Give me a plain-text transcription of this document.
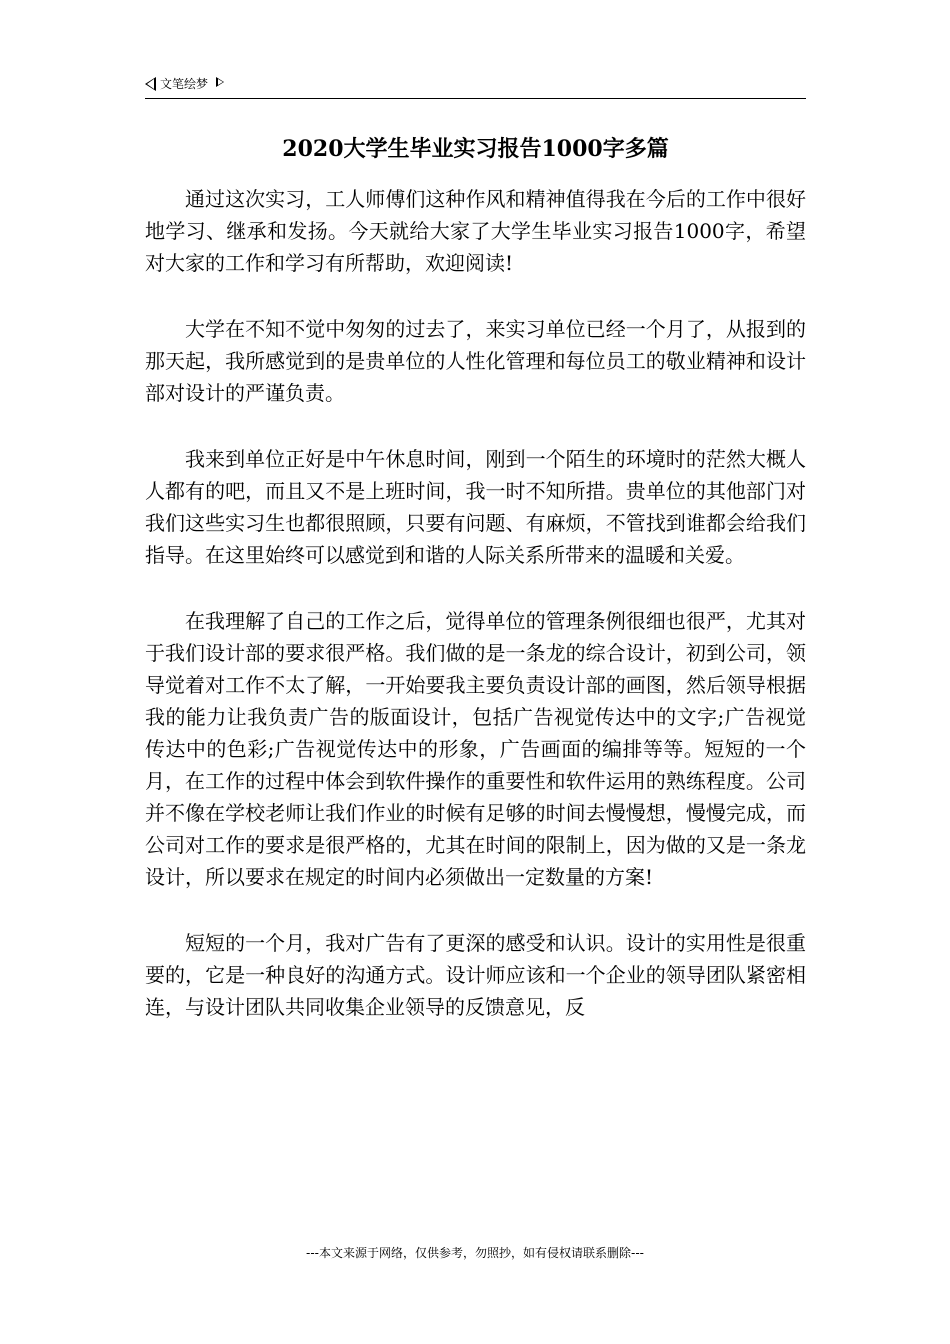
文笔绘梦
2020大学生毕业实习报告1000字多篇

通过这次实习，工人师傅们这种作风和精神值得我在今后的工作中很好地学习、继承和发扬。今天就给大家了大学生毕业实习报告1000字，希望对大家的工作和学习有所帮助，欢迎阅读!

大学在不知不觉中匆匆的过去了，来实习单位已经一个月了，从报到的那天起，我所感觉到的是贵单位的人性化管理和每位员工的敬业精神和设计部对设计的严谨负责。

我来到单位正好是中午休息时间，刚到一个陌生的环境时的茫然大概人人都有的吧，而且又不是上班时间，我一时不知所措。贵单位的其他部门对我们这些实习生也都很照顾，只要有问题、有麻烦，不管找到谁都会给我们指导。在这里始终可以感觉到和谐的人际关系所带来的温暖和关爱。

在我理解了自己的工作之后，觉得单位的管理条例很细也很严，尤其对于我们设计部的要求很严格。我们做的是一条龙的综合设计，初到公司，领导觉着对工作不太了解，一开始要我主要负责设计部的画图，然后领导根据我的能力让我负责广告的版面设计，包括广告视觉传达中的文字;广告视觉传达中的色彩;广告视觉传达中的形象，广告画面的编排等等。短短的一个月，在工作的过程中体会到软件操作的重要性和软件运用的熟练程度。公司并不像在学校老师让我们作业的时候有足够的时间去慢慢想，慢慢完成，而公司对工作的要求是很严格的，尤其在时间的限制上，因为做的又是一条龙设计，所以要求在规定的时间内必须做出一定数量的方案!

短短的一个月，我对广告有了更深的感受和认识。设计的实用性是很重要的，它是一种良好的沟通方式。设计师应该和一个企业的领导团队紧密相连，与设计团队共同收集企业领导的反馈意见，反

---本文来源于网络，仅供参考，勿照抄，如有侵权请联系删除---
